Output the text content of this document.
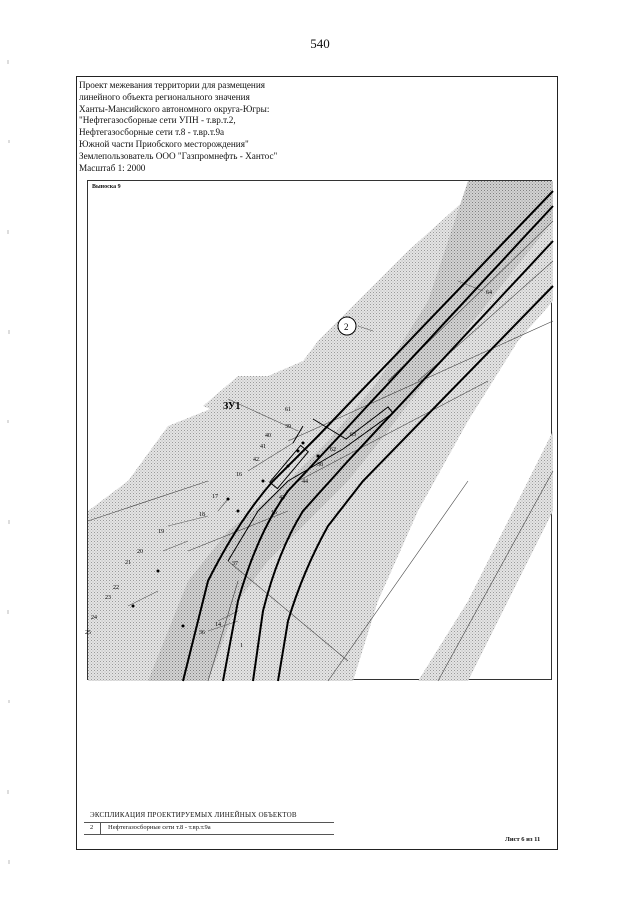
540
Проект межевания территории для размещения
линейного объекта регионального значения
Ханты-Мансийского автономного округа-Югры:
"Нефтегазосборные сети УПН - т.вр.т.2,
Нефтегазосборные сети т.8 - т.вр.т.9а
Южной части Приобского месторождения"
Землепользователь ООО "Газпромнефть - Хантос"
Масштаб 1: 2000
2
ЗУ1
64
61
39
40
41
42
62
63
38
44
43
16
16
17
18
19
20
21
22
23
24
25
37
14
36
1
Выноска 9
ЭКСПЛИКАЦИЯ ПРОЕКТИРУЕМЫХ ЛИНЕЙНЫХ ОБЪЕКТОВ
2 Нефтегазосборные сети т.8 - т.вр.т.9а
Лист 6 из 11
